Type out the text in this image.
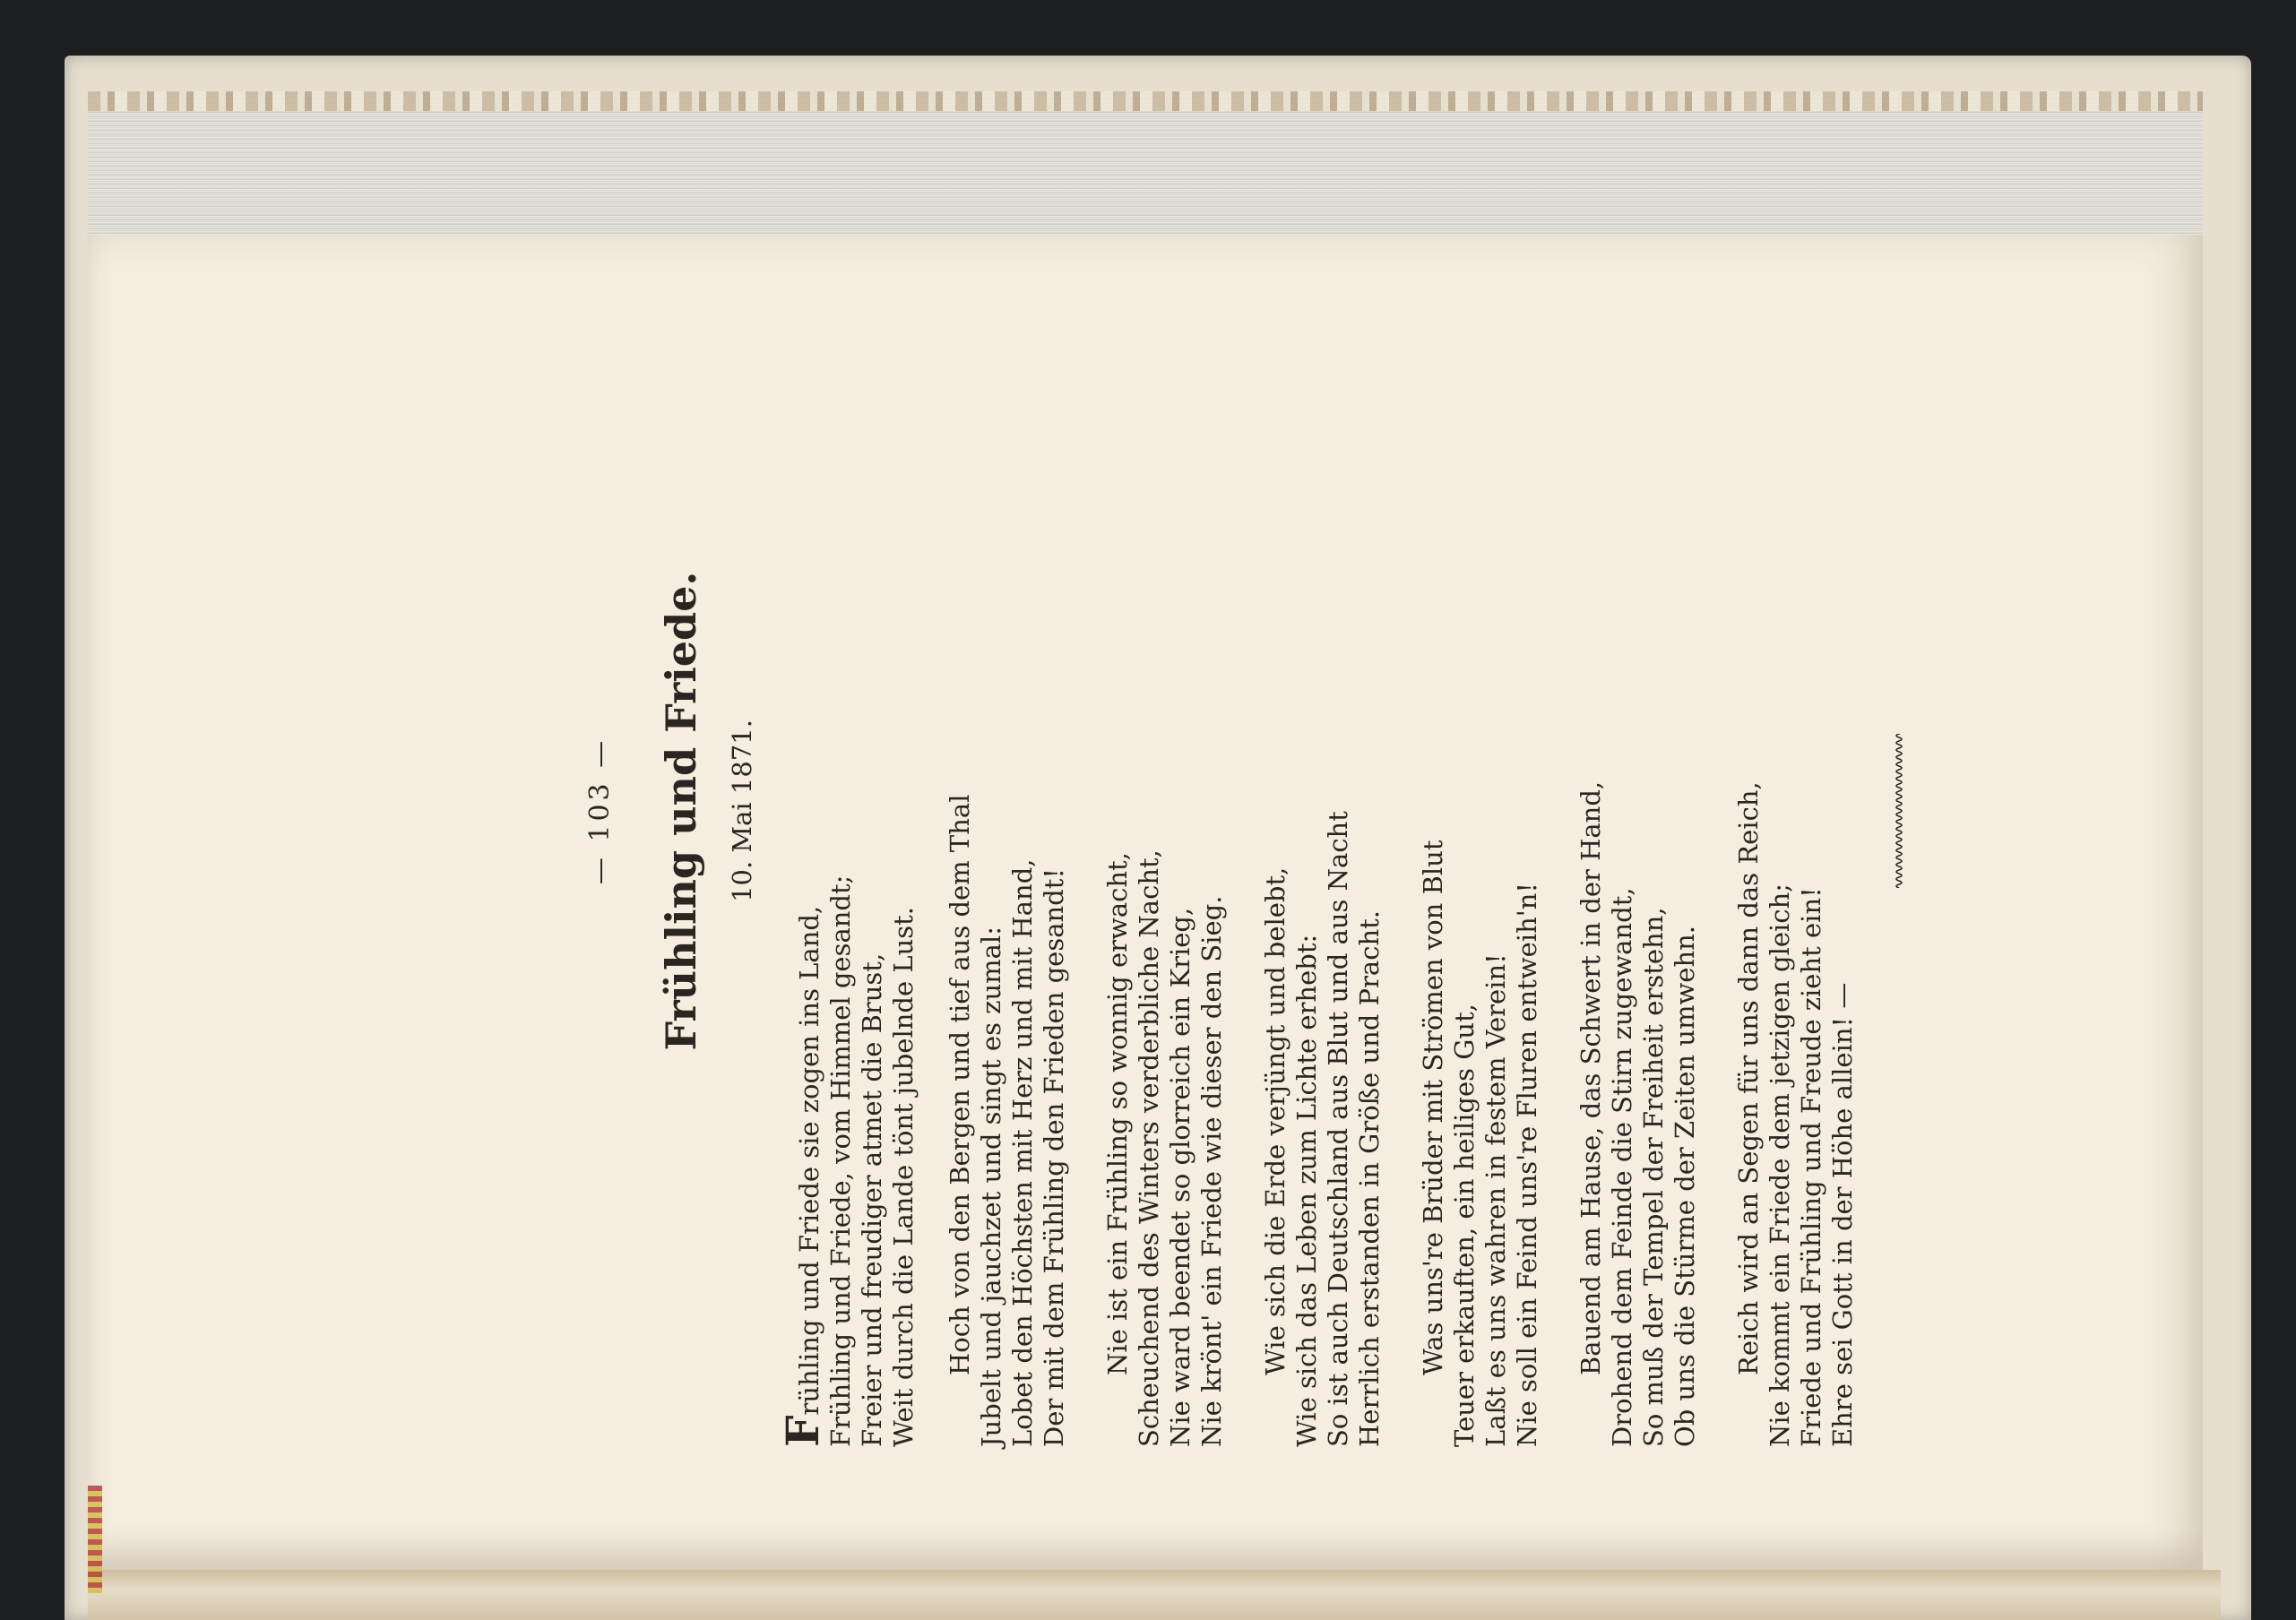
— 103 — Frühling und Friede. 10. Mai 1871.
Frühling und Friede sie zogen ins Land, Frühling und Friede, vom Himmel gesandt; Freier und freudiger atmet die Brust, Weit durch die Lande tönt jubelnde Lust. Hoch von den Bergen und tief aus dem Thal Jubelt und jauchzet und singt es zumal: Lobet den Höchsten mit Herz und mit Hand, Der mit dem Frühling den Frieden gesandt! Nie ist ein Frühling so wonnig erwacht, Scheuchend des Winters verderbliche Nacht, Nie ward beendet so glorreich ein Krieg, Nie krönt' ein Friede wie dieser den Sieg. Wie sich die Erde verjüngt und belebt, Wie sich das Leben zum Lichte erhebt: So ist auch Deutschland aus Blut und aus Nacht Herrlich erstanden in Größe und Pracht. Was uns're Brüder mit Strömen von Blut Teuer erkauften, ein heiliges Gut, Laßt es uns wahren in festem Verein! Nie soll ein Feind uns're Fluren entweih'n! Bauend am Hause, das Schwert in der Hand, Drohend dem Feinde die Stirn zugewandt, So muß der Tempel der Freiheit erstehn, Ob uns die Stürme der Zeiten umwehn. Reich wird an Segen für uns dann das Reich, Nie kommt ein Friede dem jetzigen gleich; Friede und Frühling und Freude zieht ein! Ehre sei Gott in der Höhe allein! —
